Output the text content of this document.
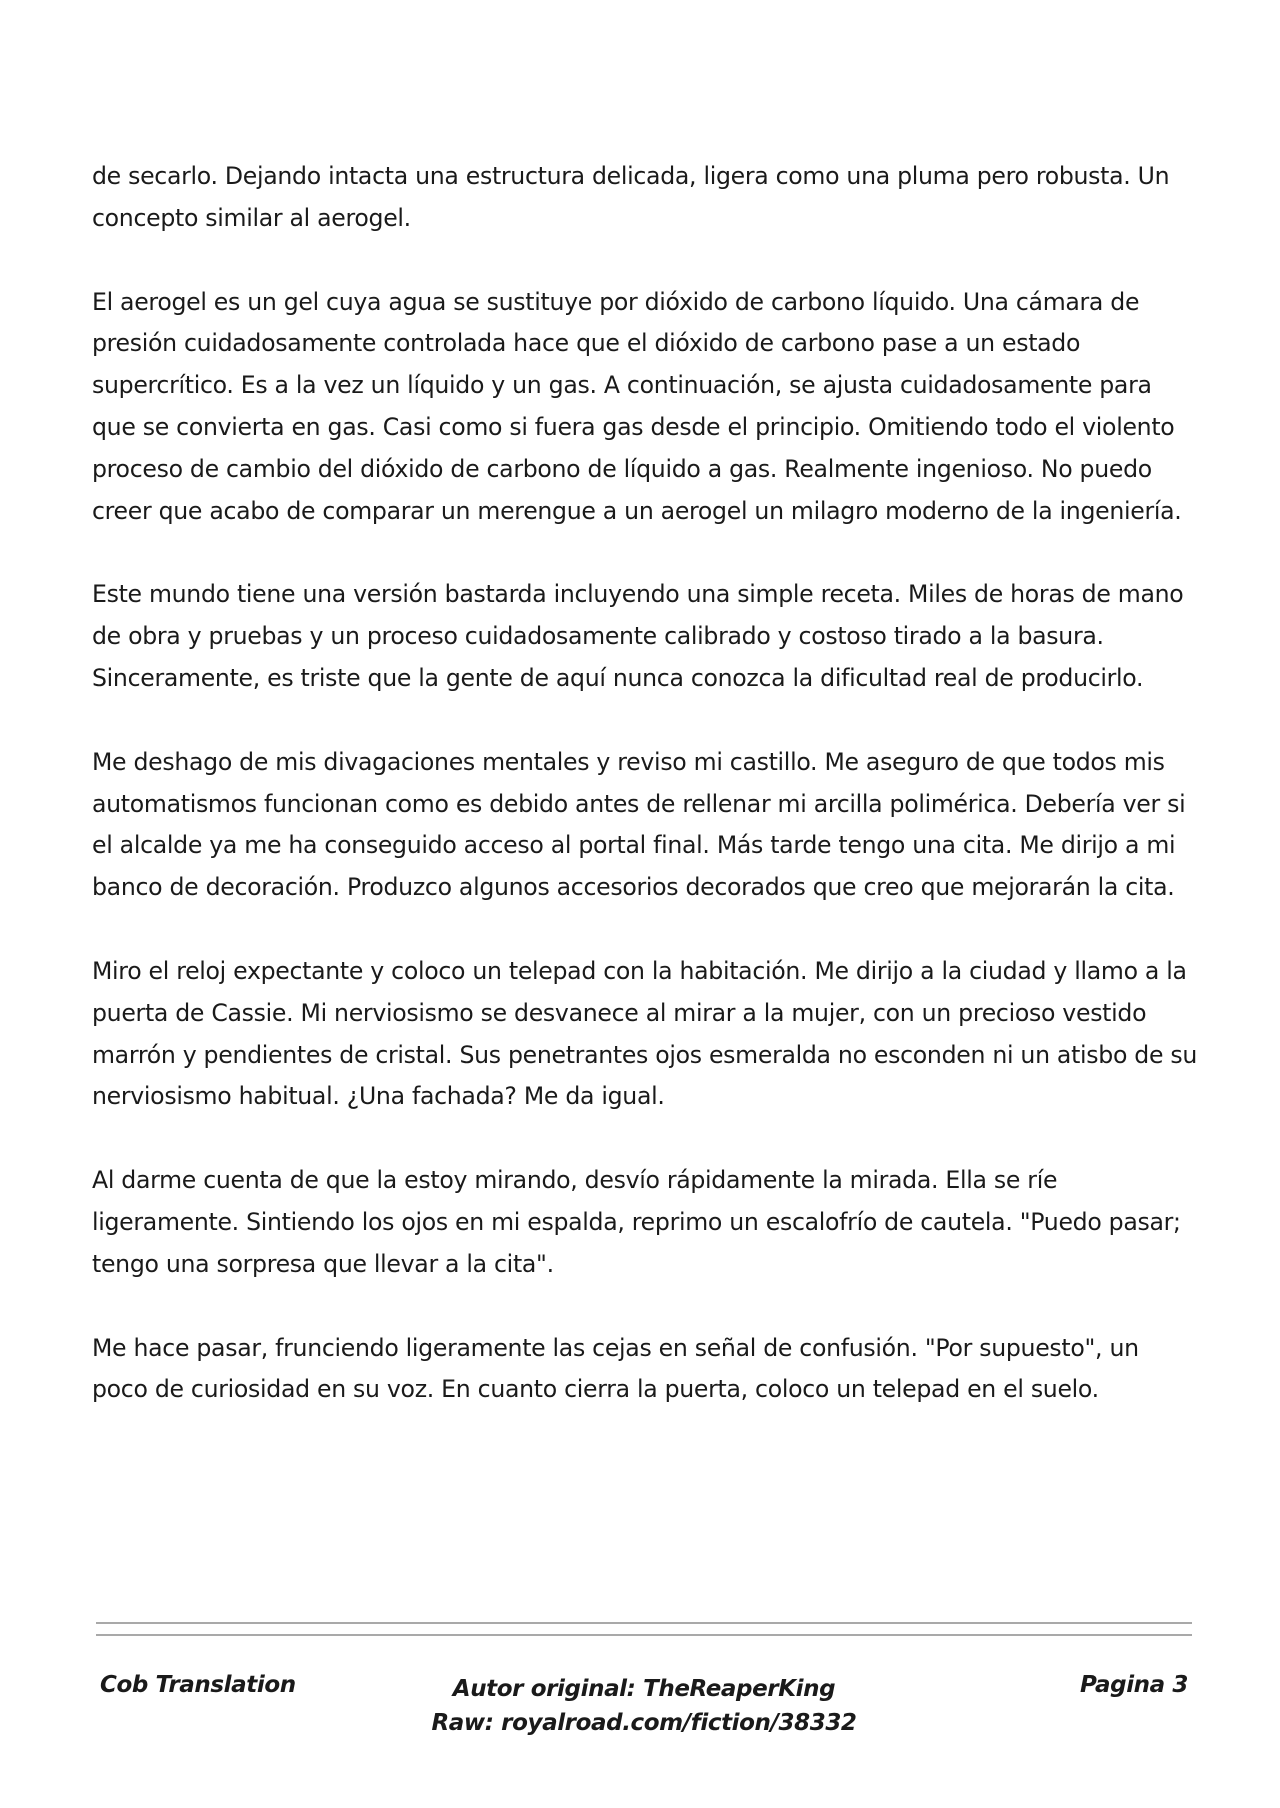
de secarlo. Dejando intacta una estructura delicada, ligera como una pluma pero robusta. Un concepto similar al aerogel.

El aerogel es un gel cuya agua se sustituye por dióxido de carbono líquido. Una cámara de presión cuidadosamente controlada hace que el dióxido de carbono pase a un estado supercrítico. Es a la vez un líquido y un gas. A continuación, se ajusta cuidadosamente para que se convierta en gas. Casi como si fuera gas desde el principio. Omitiendo todo el violento proceso de cambio del dióxido de carbono de líquido a gas. Realmente ingenioso. No puedo creer que acabo de comparar un merengue a un aerogel un milagro moderno de la ingeniería.

Este mundo tiene una versión bastarda incluyendo una simple receta. Miles de horas de mano de obra y pruebas y un proceso cuidadosamente calibrado y costoso tirado a la basura. Sinceramente, es triste que la gente de aquí nunca conozca la dificultad real de producirlo.

Me deshago de mis divagaciones mentales y reviso mi castillo. Me aseguro de que todos mis automatismos funcionan como es debido antes de rellenar mi arcilla polimérica. Debería ver si el alcalde ya me ha conseguido acceso al portal final. Más tarde tengo una cita. Me dirijo a mi banco de decoración. Produzco algunos accesorios decorados que creo que mejorarán la cita.

Miro el reloj expectante y coloco un telepad con la habitación. Me dirijo a la ciudad y llamo a la puerta de Cassie. Mi nerviosismo se desvanece al mirar a la mujer, con un precioso vestido marrón y pendientes de cristal. Sus penetrantes ojos esmeralda no esconden ni un atisbo de su nerviosismo habitual. ¿Una fachada? Me da igual.

Al darme cuenta de que la estoy mirando, desvío rápidamente la mirada. Ella se ríe ligeramente. Sintiendo los ojos en mi espalda, reprimo un escalofrío de cautela. "Puedo pasar; tengo una sorpresa que llevar a la cita".

Me hace pasar, frunciendo ligeramente las cejas en señal de confusión. "Por supuesto", un poco de curiosidad en su voz. En cuanto cierra la puerta, coloco un telepad en el suelo.

Cob Translation	Autor original: TheReaperKing
Raw: royalroad.com/fiction/38332
Pagina 3
